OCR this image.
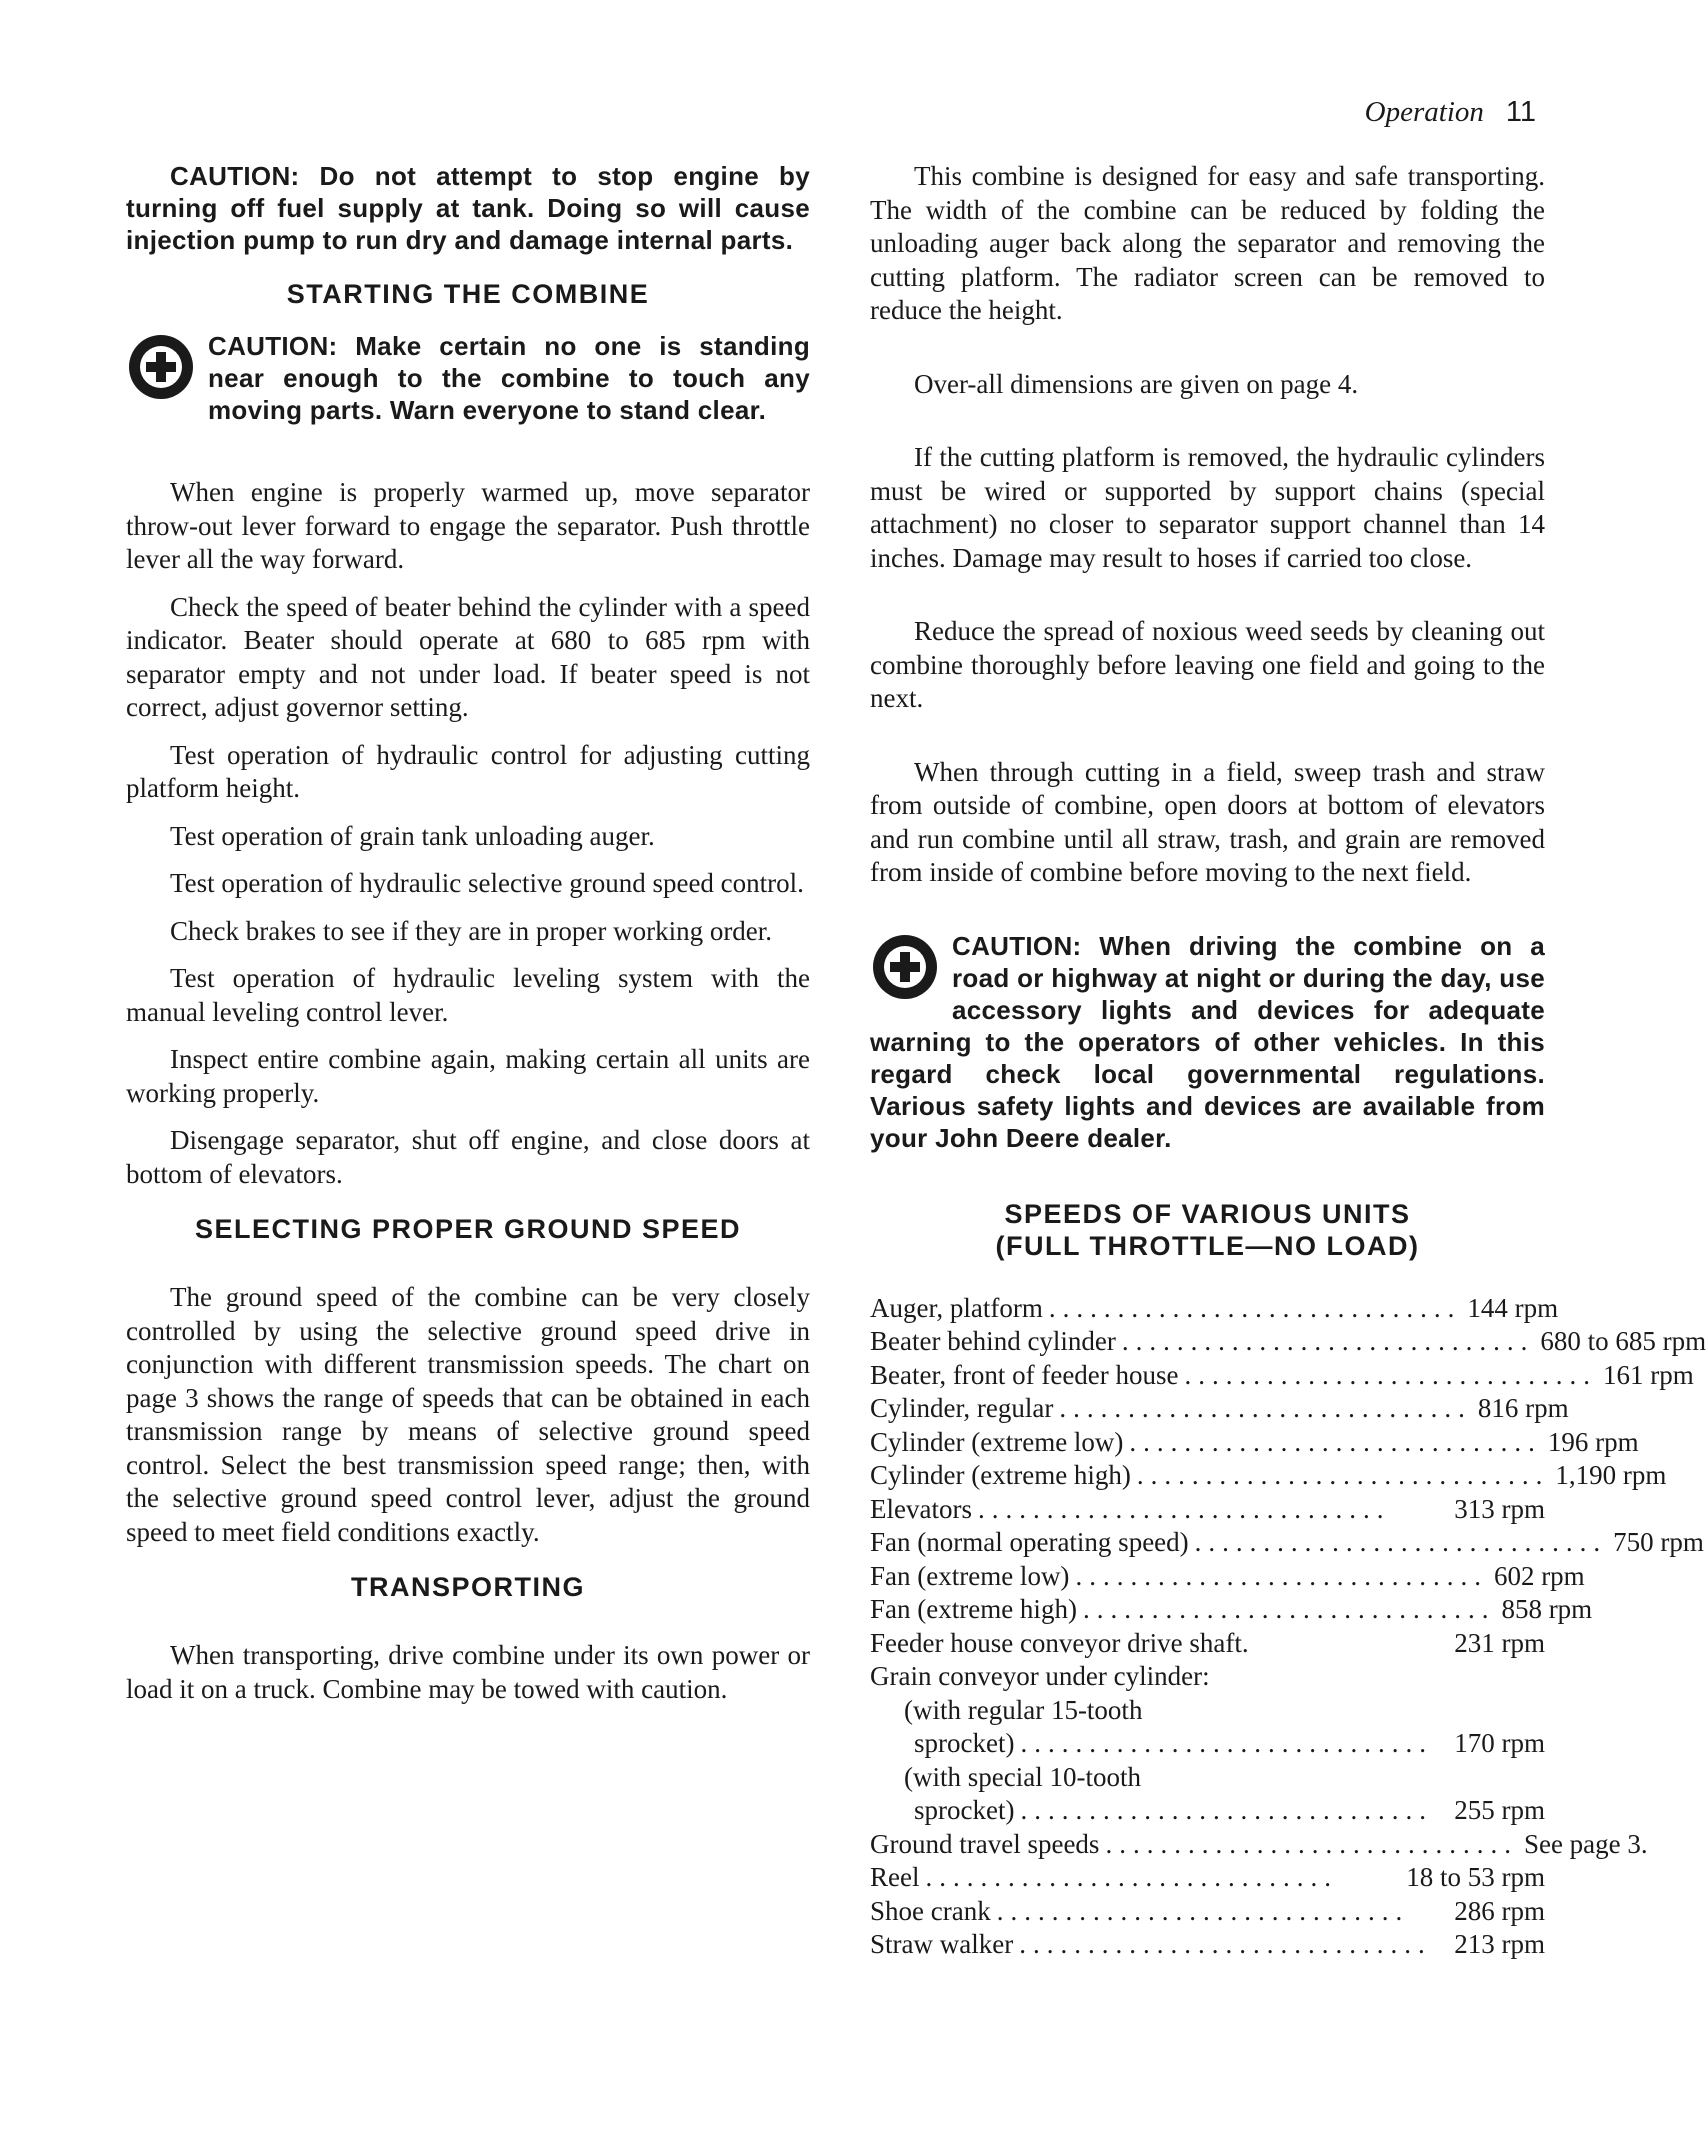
Operation 11

CAUTION: Do not attempt to stop engine by turning off fuel supply at tank. Doing so will cause injection pump to run dry and damage internal parts.

STARTING THE COMBINE

CAUTION: Make certain no one is standing near enough to the combine to touch any moving parts. Warn everyone to stand clear.

When engine is properly warmed up, move separator throw-out lever forward to engage the separator. Push throttle lever all the way forward.

Check the speed of beater behind the cylinder with a speed indicator. Beater should operate at 680 to 685 rpm with separator empty and not under load. If beater speed is not correct, adjust governor setting.

Test operation of hydraulic control for adjusting cutting platform height.

Test operation of grain tank unloading auger.

Test operation of hydraulic selective ground speed control.

Check brakes to see if they are in proper working order.

Test operation of hydraulic leveling system with the manual leveling control lever.

Inspect entire combine again, making certain all units are working properly.

Disengage separator, shut off engine, and close doors at bottom of elevators.

SELECTING PROPER GROUND SPEED

The ground speed of the combine can be very closely controlled by using the selective ground speed drive in conjunction with different transmission speeds. The chart on page 3 shows the range of speeds that can be obtained in each transmission range by means of selective ground speed control. Select the best transmission speed range; then, with the selective ground speed control lever, adjust the ground speed to meet field conditions exactly.

TRANSPORTING

When transporting, drive combine under its own power or load it on a truck. Combine may be towed with caution.

This combine is designed for easy and safe transporting. The width of the combine can be reduced by folding the unloading auger back along the separator and removing the cutting platform. The radiator screen can be removed to reduce the height.

Over-all dimensions are given on page 4.

If the cutting platform is removed, the hydraulic cylinders must be wired or supported by support chains (special attachment) no closer to separator support channel than 14 inches. Damage may result to hoses if carried too close.

Reduce the spread of noxious weed seeds by cleaning out combine thoroughly before leaving one field and going to the next.

When through cutting in a field, sweep trash and straw from outside of combine, open doors at bottom of elevators and run combine until all straw, trash, and grain are removed from inside of combine before moving to the next field.

CAUTION: When driving the combine on a road or highway at night or during the day, use accessory lights and devices for adequate warning to the operators of other vehicles. In this regard check local governmental regulations. Various safety lights and devices are available from your John Deere dealer.

SPEEDS OF VARIOUS UNITS
(FULL THROTTLE—NO LOAD)
Auger, platform .............................. 144 rpm
Beater behind cylinder .............................. 680 to 685 rpm
Beater, front of feeder house .............................. 161 rpm
Cylinder, regular .............................. 816 rpm
Cylinder (extreme low) .............................. 196 rpm
Cylinder (extreme high) .............................. 1,190 rpm
Elevators ..............................	313 rpm
Fan (normal operating speed) .............................. 750 rpm
Fan (extreme low) .............................. 602 rpm
Fan (extreme high) .............................. 858 rpm
Feeder house conveyor drive shaft.	231 rpm
Grain conveyor under cylinder:
(with regular 15-tooth
sprocket) .............................. 170 rpm
(with special 10-tooth
sprocket) .............................. 255 rpm
Ground travel speeds .............................. See page 3.
Reel ..............................	18 to 53 rpm
Shoe crank ..............................	286 rpm
Straw walker .............................. 213 rpm
